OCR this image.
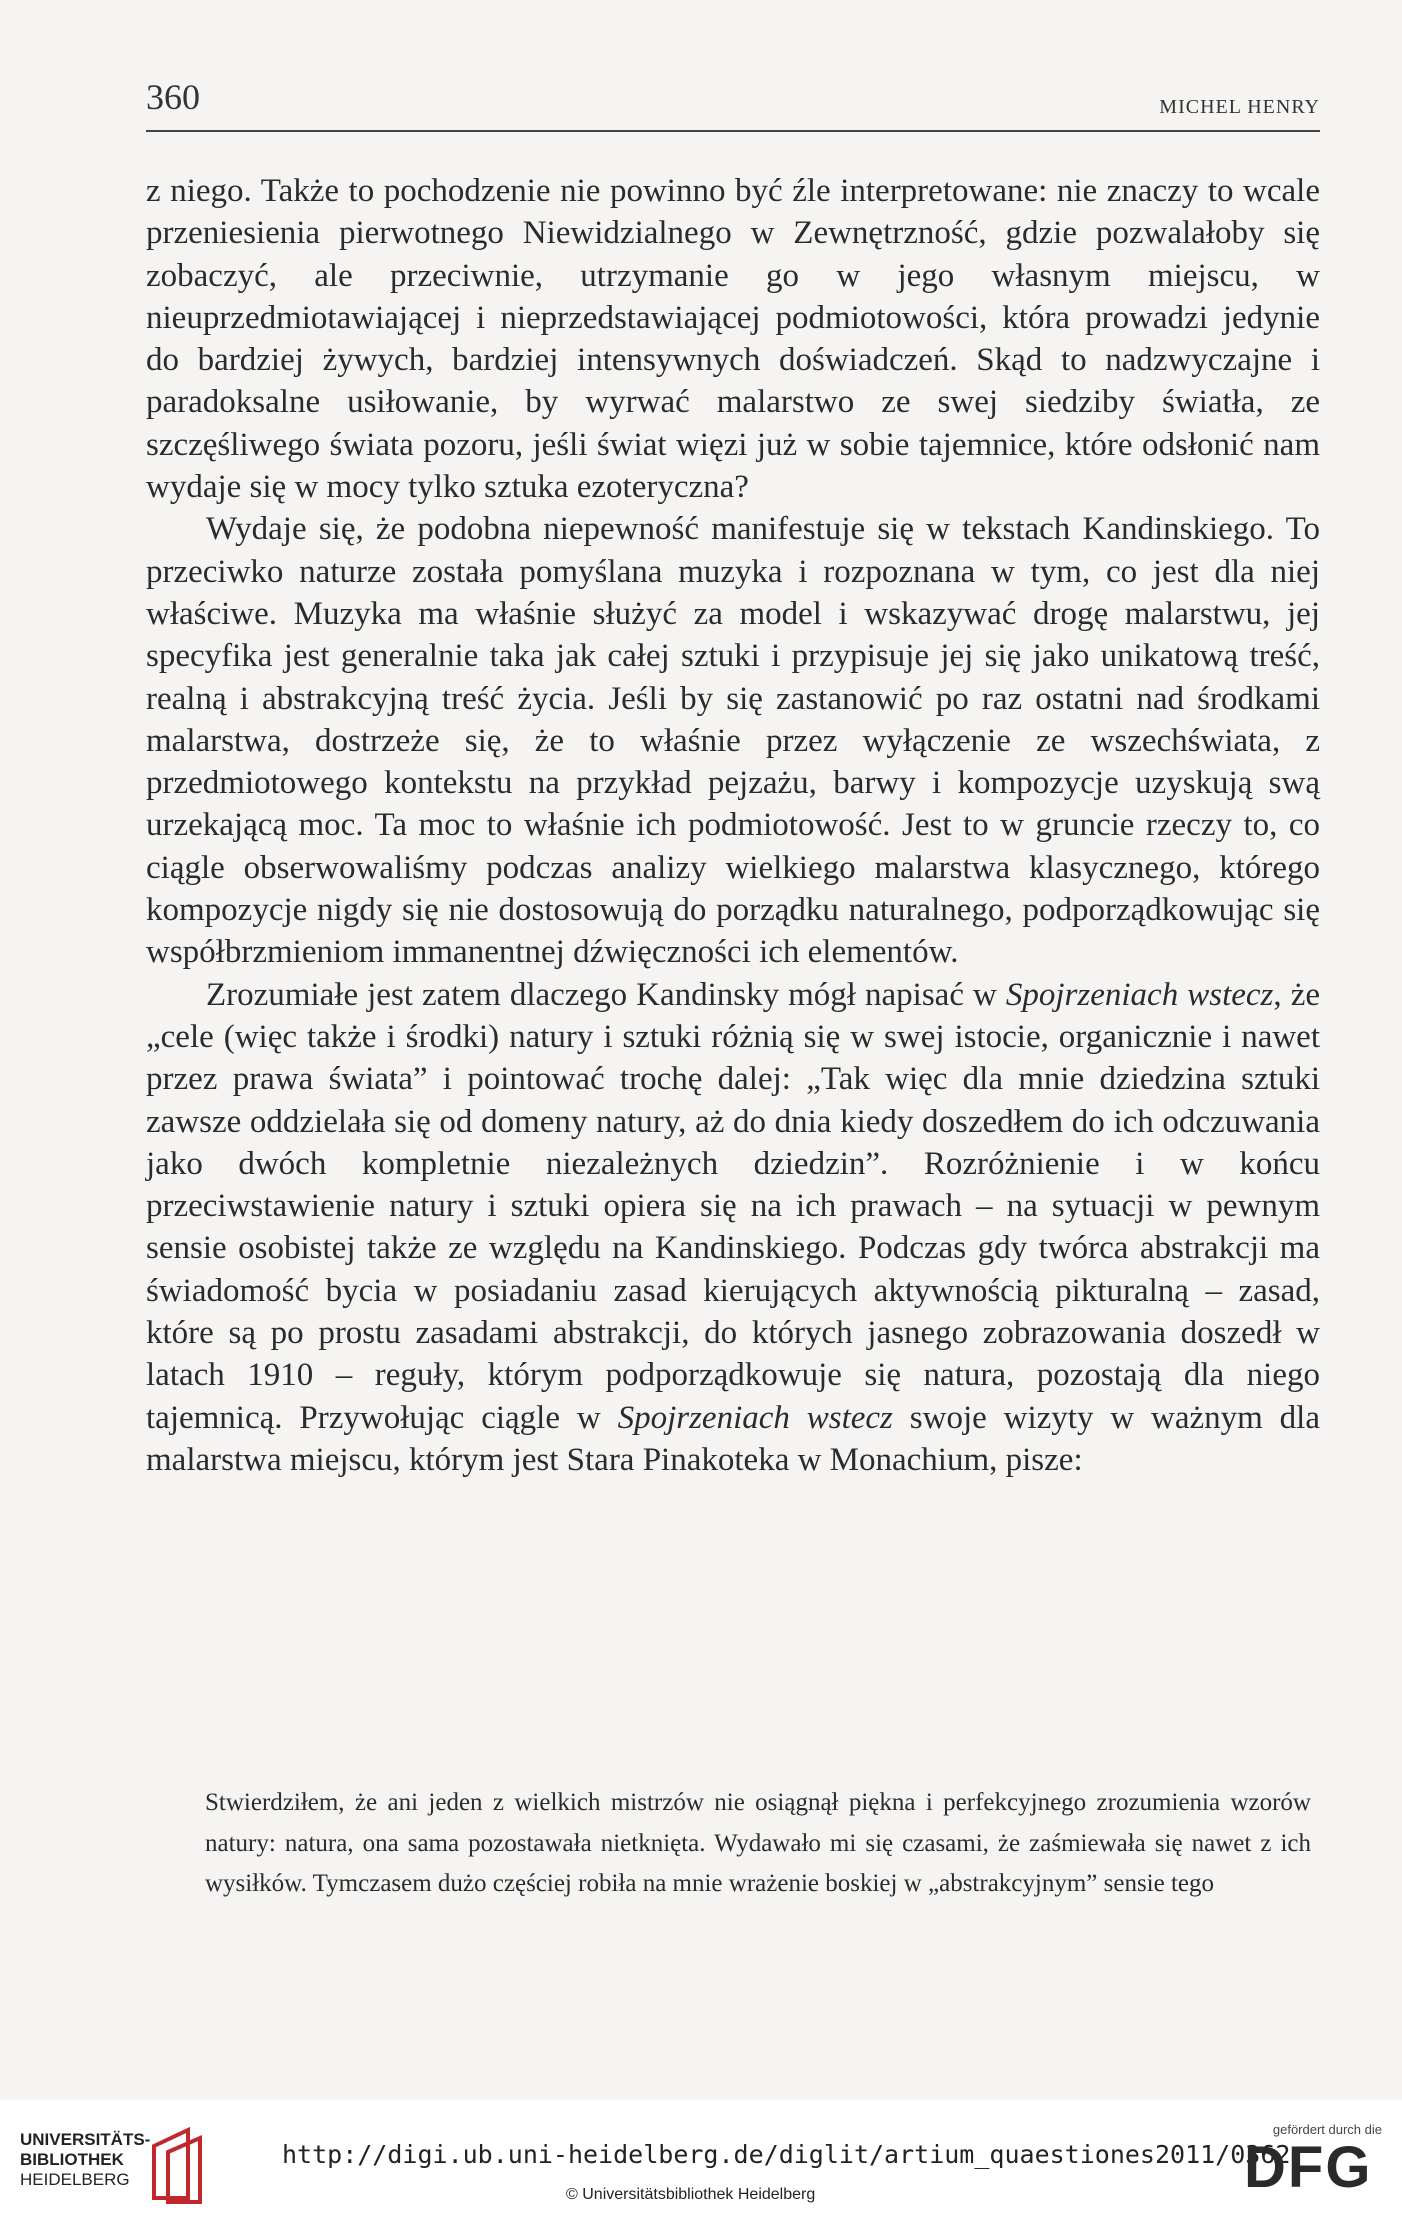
360	MICHEL HENRY

z niego. Także to pochodzenie nie powinno być źle interpretowane: nie znaczy to wcale przeniesienia pierwotnego Niewidzialnego w Zewnętrzność, gdzie pozwalałoby się zobaczyć, ale przeciwnie, utrzymanie go w jego własnym miejscu, w nieuprzedmiotawiającej i nieprzedstawiającej podmiotowości, która prowadzi jedynie do bardziej żywych, bardziej intensywnych doświadczeń. Skąd to nadzwyczajne i paradoksalne usiłowanie, by wyrwać malarstwo ze swej siedziby światła, ze szczęśliwego świata pozoru, jeśli świat więzi już w sobie tajemnice, które odsłonić nam wydaje się w mocy tylko sztuka ezoteryczna?

Wydaje się, że podobna niepewność manifestuje się w tekstach Kandinskiego. To przeciwko naturze została pomyślana muzyka i rozpoznana w tym, co jest dla niej właściwe. Muzyka ma właśnie służyć za model i wskazywać drogę malarstwu, jej specyfika jest generalnie taka jak całej sztuki i przypisuje jej się jako unikatową treść, realną i abstrakcyjną treść życia. Jeśli by się zastanowić po raz ostatni nad środkami malarstwa, dostrzeże się, że to właśnie przez wyłączenie ze wszechświata, z przedmiotowego kontekstu na przykład pejzażu, barwy i kompozycje uzyskują swą urzekającą moc. Ta moc to właśnie ich podmiotowość. Jest to w gruncie rzeczy to, co ciągle obserwowaliśmy podczas analizy wielkiego malarstwa klasycznego, którego kompozycje nigdy się nie dostosowują do porządku naturalnego, podporządkowując się współbrzmieniom immanentnej dźwięczności ich elementów.

Zrozumiałe jest zatem dlaczego Kandinsky mógł napisać w Spojrzeniach wstecz, że „cele (więc także i środki) natury i sztuki różnią się w swej istocie, organicznie i nawet przez prawa świata” i pointować trochę dalej: „Tak więc dla mnie dziedzina sztuki zawsze oddzielała się od domeny natury, aż do dnia kiedy doszedłem do ich odczuwania jako dwóch kompletnie niezależnych dziedzin”. Rozróżnienie i w końcu przeciwstawienie natury i sztuki opiera się na ich prawach – na sytuacji w pewnym sensie osobistej także ze względu na Kandinskiego. Podczas gdy twórca abstrakcji ma świadomość bycia w posiadaniu zasad kierujących aktywnością pikturalną – zasad, które są po prostu zasadami abstrakcji, do których jasnego zobrazowania doszedł w latach 1910 – reguły, którym podporządkowuje się natura, pozostają dla niego tajemnicą. Przywołując ciągle w Spojrzeniach wstecz swoje wizyty w ważnym dla malarstwa miejscu, którym jest Stara Pinakoteka w Monachium, pisze:

Stwierdziłem, że ani jeden z wielkich mistrzów nie osiągnął piękna i perfekcyjnego zrozumienia wzorów natury: natura, ona sama pozostawała nietknięta. Wydawało mi się czasami, że zaśmiewała się nawet z ich wysiłków. Tymczasem dużo częściej robiła na mnie wrażenie boskiej w „abstrakcyjnym” sensie tego

UNIVERSITÄTS-
BIBLIOTHEK
HEIDELBERG
http://digi.ub.uni-heidelberg.de/diglit/artium_quaestiones2011/0362
© Universitätsbibliothek Heidelberg
gefördert durch die
DFG
